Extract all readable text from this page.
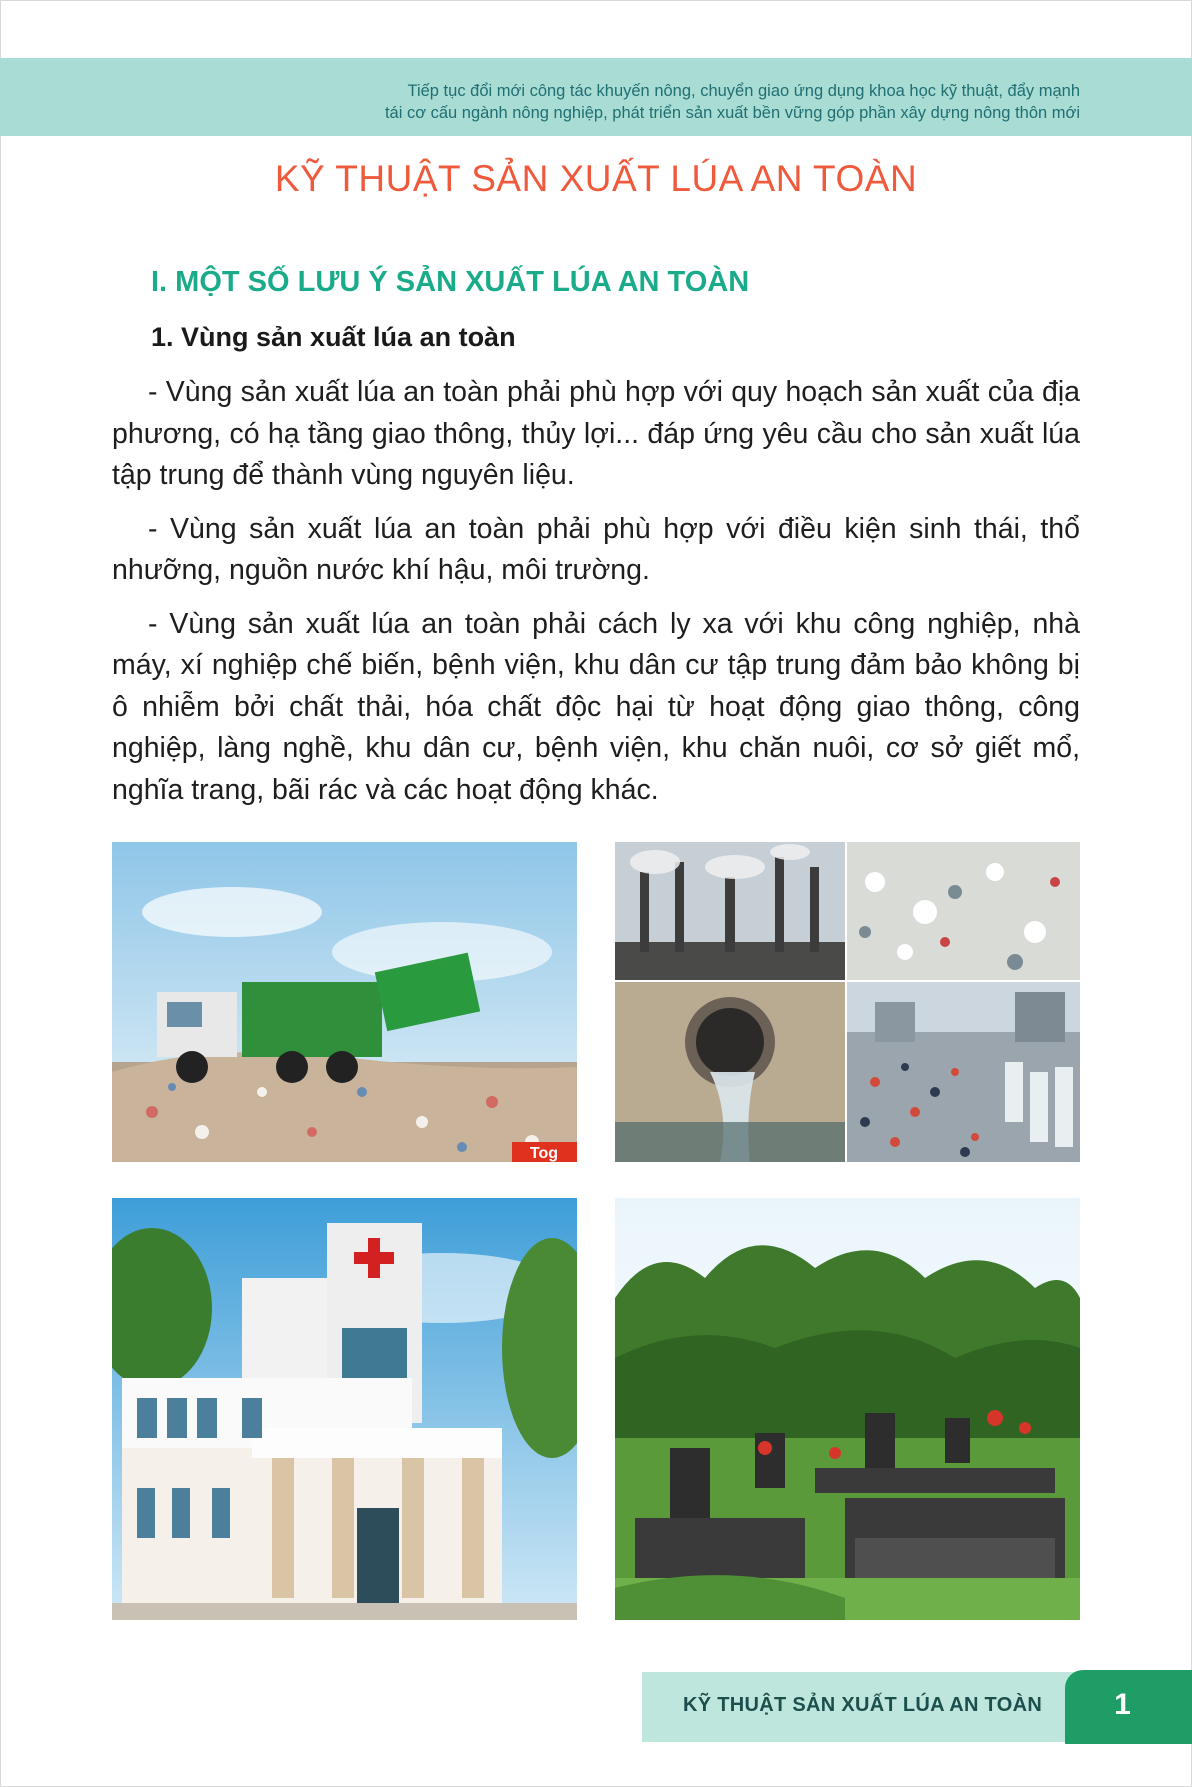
Tiếp tục đổi mới công tác khuyến nông, chuyển giao ứng dụng khoa học kỹ thuật, đẩy mạnh
tái cơ cấu ngành nông nghiệp, phát triển sản xuất bền vững góp phần xây dựng nông thôn mới
KỸ THUẬT SẢN XUẤT LÚA AN TOÀN
I. MỘT SỐ LƯU Ý SẢN XUẤT LÚA AN TOÀN
1. Vùng sản xuất lúa an toàn

- Vùng sản xuất lúa an toàn phải phù hợp với quy hoạch sản xuất của địa phương, có hạ tầng giao thông, thủy lợi... đáp ứng yêu cầu cho sản xuất lúa tập trung để thành vùng nguyên liệu.

- Vùng sản xuất lúa an toàn phải phù hợp với điều kiện sinh thái, thổ nhưỡng, nguồn nước khí hậu, môi trường.

- Vùng sản xuất lúa an toàn phải cách ly xa với khu công nghiệp, nhà máy, xí nghiệp chế biến, bệnh viện, khu dân cư tập trung đảm bảo không bị ô nhiễm bởi chất thải, hóa chất độc hại từ hoạt động giao thông, công nghiệp, làng nghề, khu dân cư, bệnh viện, khu chăn nuôi, cơ sở giết mổ, nghĩa trang, bãi rác và các hoạt động khác.

Tog
KỸ THUẬT SẢN XUẤT LÚA AN TOÀN	1
